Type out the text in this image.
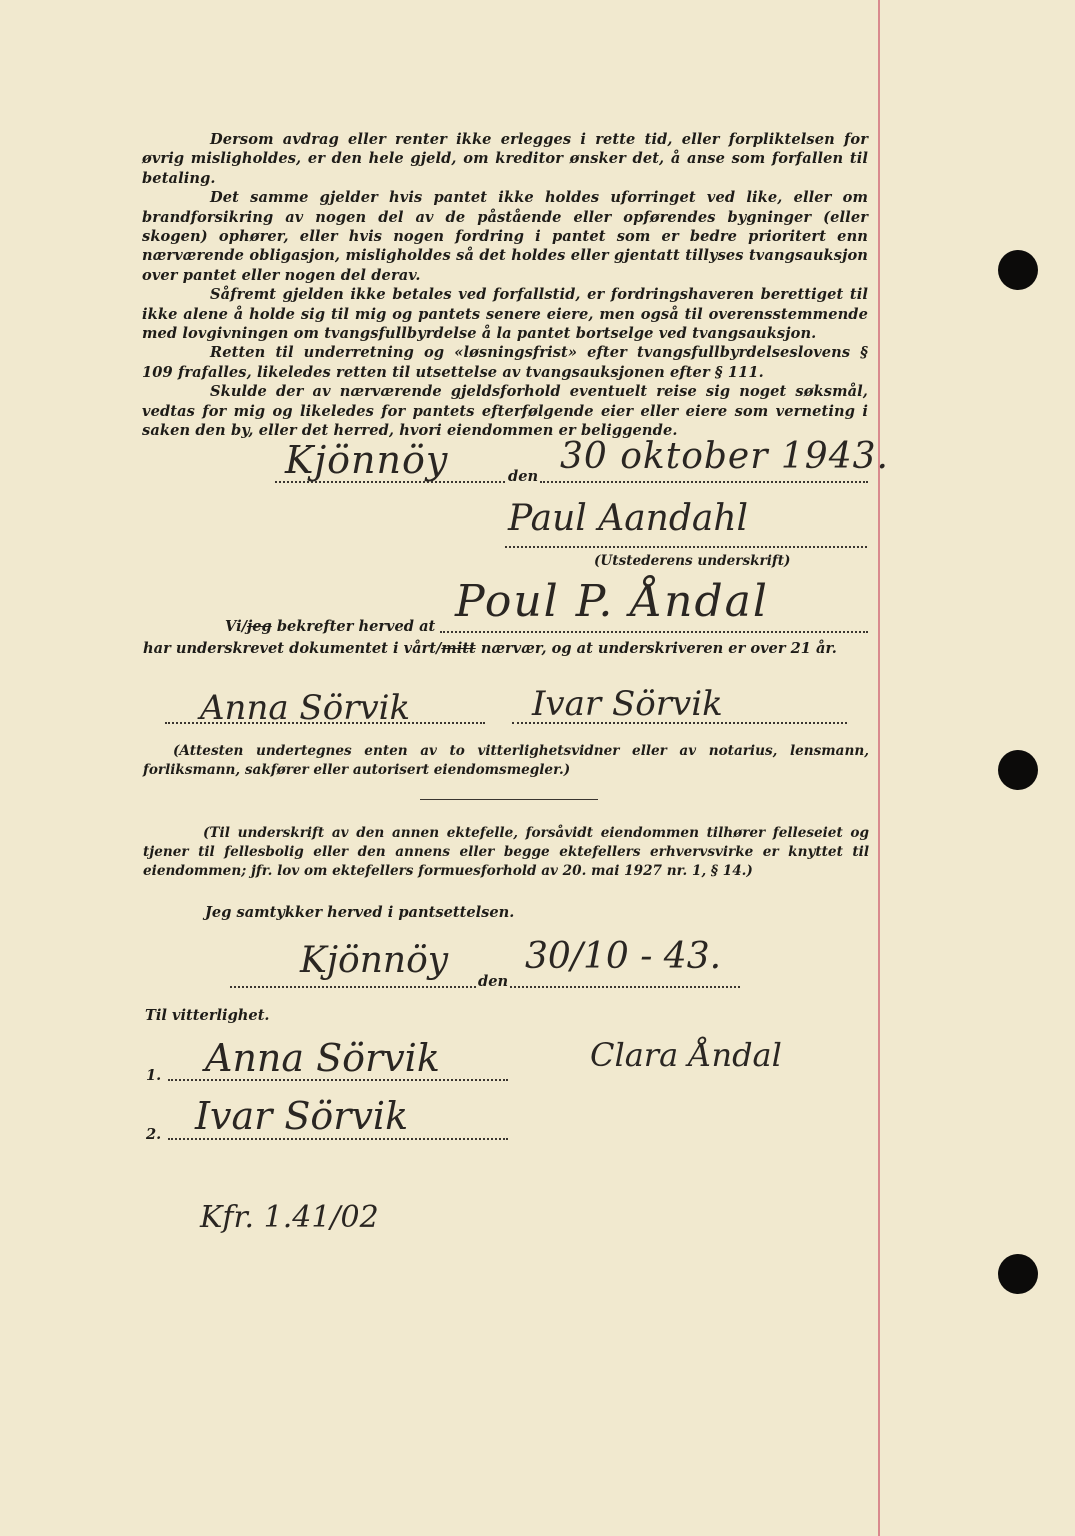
Dersom avdrag eller renter ikke erlegges i rette tid, eller forpliktelsen for øvrig misligholdes, er den hele gjeld, om kreditor ønsker det, å anse som forfallen til betaling.

Det samme gjelder hvis pantet ikke holdes uforringet ved like, eller om brandforsikring av nogen del av de påstående eller opførendes bygninger (eller skogen) ophører, eller hvis nogen fordring i pantet som er bedre prioritert enn nærværende obligasjon, misligholdes så det holdes eller gjentatt tillyses tvangsauksjon over pantet eller nogen del derav.

Såfremt gjelden ikke betales ved forfallstid, er fordringshaveren berettiget til ikke alene å holde sig til mig og pantets senere eiere, men også til overensstemmende med lovgivningen om tvangsfullbyrdelse å la pantet bortselge ved tvangsauksjon.

Retten til underretning og «løsningsfrist» efter tvangsfullbyrdelseslovens § 109 frafalles, likeledes retten til utsettelse av tvangsauksjonen efter § 111.

Skulde der av nærværende gjeldsforhold eventuelt reise sig noget søksmål, vedtas for mig og likeledes for pantets efterfølgende eier eller eiere som verneting i saken den by, eller det herred, hvori eiendommen er beliggende.

Kjönnöy	den 30 oktober 1943.
Paul Aandahl
(Utstederens underskrift)
Vi/jeg bekrefter herved at Poul P. Åndal
har underskrevet dokumentet i vårt/mitt nærvær, og at underskriveren er over 21 år.
Anna Sörvik	Ivar Sörvik
(Attesten undertegnes enten av to vitterlighetsvidner eller av notarius, lensmann, forliksmann, sakfører eller autorisert eiendomsmegler.)
(Til underskrift av den annen ektefelle, forsåvidt eiendommen tilhører felleseiet og tjener til fellesbolig eller den annens eller begge ektefellers erhvervsvirke er knyttet til eiendommen; jfr. lov om ektefellers formuesforhold av 20. mai 1927 nr. 1, § 14.)
Jeg samtykker herved i pantsettelsen.
Kjönnöy
den
30/10 - 43.
Til vitterlighet.
1. Anna Sörvik	Clara Åndal
2. Ivar Sörvik
Kfr. 1.41/02
